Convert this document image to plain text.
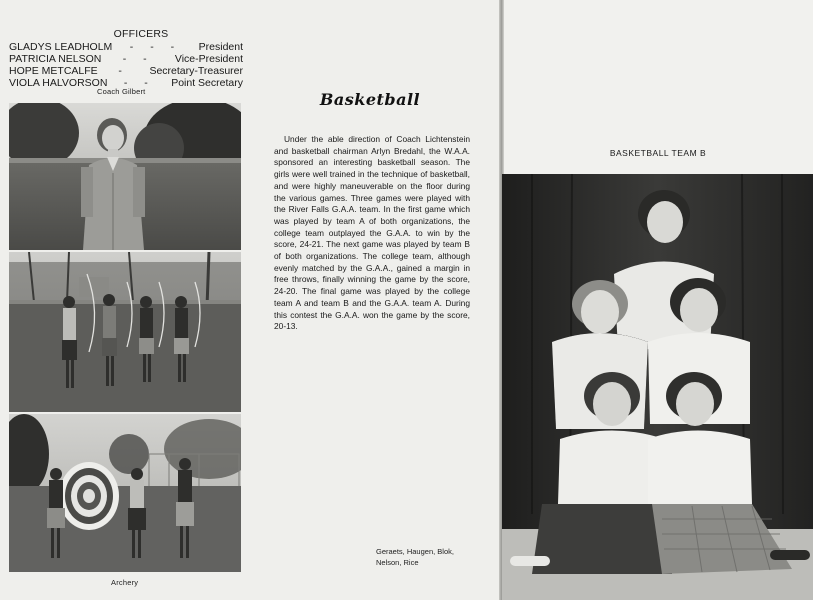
OFFICERS
GLADYS LEADHOLM	- - -	President
PATRICIA NELSON	- -	Vice-President
HOPE METCALFE	-	Secretary-Treasurer
VIOLA HALVORSON	- -	Point Secretary
Coach Gilbert
Archery
Basketball

Under the able direction of Coach Lichtenstein and basketball chairman Arlyn Bredahl, the W.A.A. sponsored an interesting basketball season. The girls were well trained in the technique of basketball, and were highly maneuverable on the floor during the various games. Three games were played with the River Falls G.A.A. team. In the first game which was played by team A of both organizations, the college team outplayed the G.A.A. to win by the score, 24-21. The next game was played by team B of both organizations. The college team, although evenly matched by the G.A.A., gained a margin in free throws, finally winning the game by the score, 24-20. The final game was played by the college team A and team B and the G.A.A. team A. During this contest the G.A.A. won the game by the score, 20-13.

Geraets, Haugen, Blok,
Nelson, Rice
BASKETBALL TEAM B
